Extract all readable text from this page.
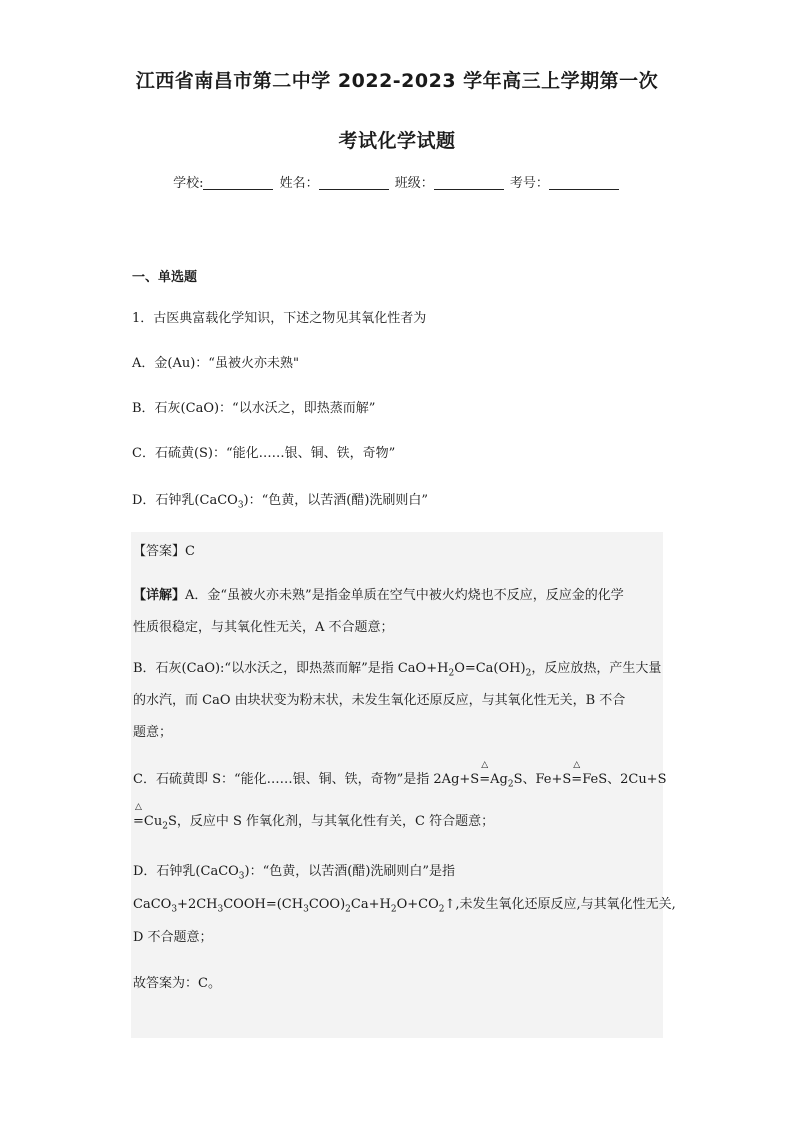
江西省南昌市第二中学 2022-2023 学年高三上学期第一次
考试化学试题
学校:	姓名：	班级：	考号：
一、单选题
1．古医典富载化学知识，下述之物见其氧化性者为
A．金(Au)：“虽被火亦未熟"
B．石灰(CaO)：“以水沃之，即热蒸而解”
C．石硫黄(S)：“能化……银、铜、铁，奇物”
D．石钟乳(CaCO$_3$)：“色黄，以苦酒(醋)洗刷则白”
【答案】C
【详解】A．金“虽被火亦未熟”是指金单质在空气中被火灼烧也不反应，反应金的化学
性质很稳定，与其氧化性无关，A 不合题意；
B．石灰(CaO):“以水沃之，即热蒸而解”是指 $CaO+H_2O=Ca(OH)_2$，反应放热，产生大量
的水汽，而 CaO 由块状变为粉末状，未发生氧化还原反应，与其氧化性无关，B 不合
题意；
C．石硫黄即 S：“能化……银、铜、铁，奇物”是指 2Ag+S
△
$=Ag_2S$、Fe+S
△
=FeS、2Cu+S
△
$=Cu_2S$，反应中 S 作氧化剂，与其氧化性有关，C 符合题意；
D．石钟乳(CaCO$_3$)：“色黄，以苦酒(醋)洗刷则白”是指
$CaCO_3+2CH_3COOH=(CH_3COO)_2Ca+H_2O+CO_2↑$,未发生氧化还原反应,与其氧化性无关,
D 不合题意；
故答案为：C。
